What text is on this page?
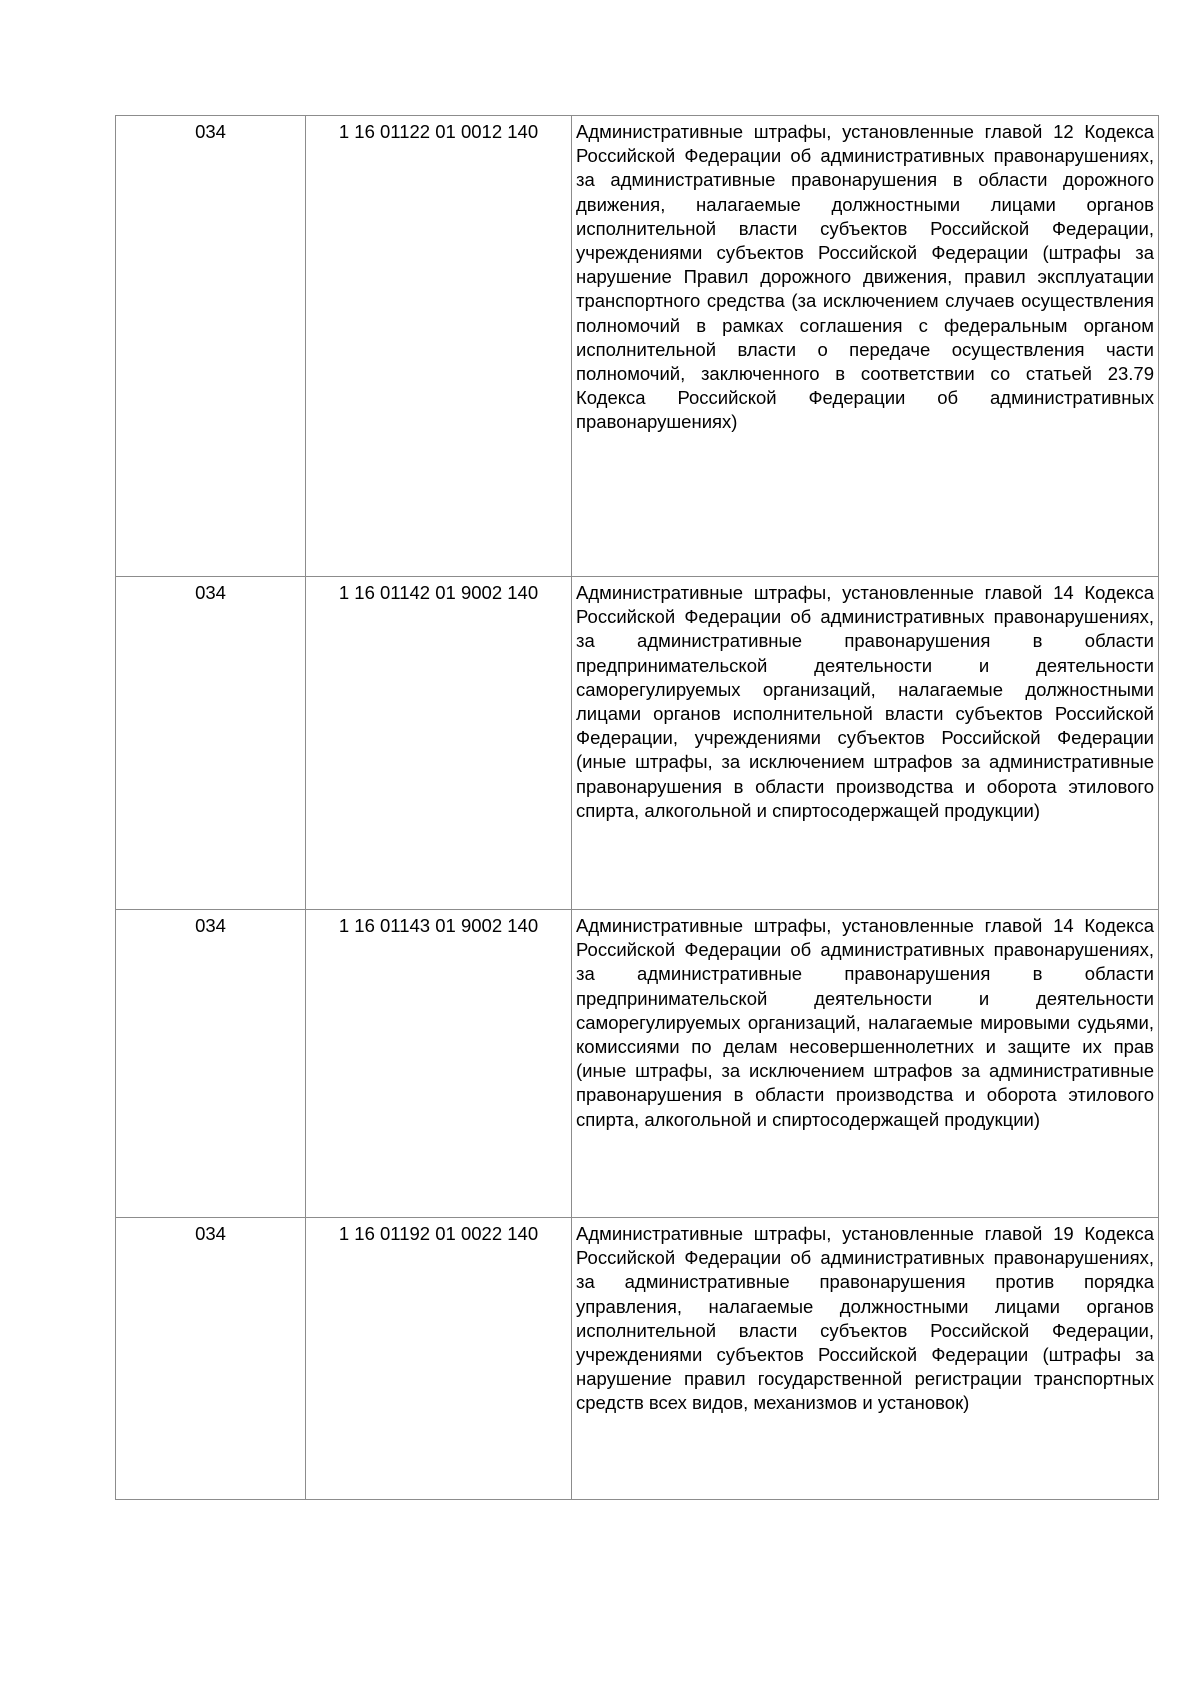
034	1 16 01122 01 0012 140	Административные штрафы, установленные главой 12 Кодекса Российской Федерации об административных правонарушениях, за административные правонарушения в области дорожного движения, налагаемые должностными лицами органов исполнительной власти субъектов Российской Федерации, учреждениями субъектов Российской Федерации (штрафы за нарушение Правил дорожного движения, правил эксплуатации транспортного средства (за исключением случаев осуществления полномочий в рамках соглашения с федеральным органом исполнительной власти о передаче осуществления части полномочий, заключенного в соответствии со статьей 23.79 Кодекса Российской Федерации об административных правонарушениях)
034	1 16 01142 01 9002 140	Административные штрафы, установленные главой 14 Кодекса Российской Федерации об административных правонарушениях, за административные правонарушения в области предпринимательской деятельности и деятельности саморегулируемых организаций, налагаемые должностными лицами органов исполнительной власти субъектов Российской Федерации, учреждениями субъектов Российской Федерации (иные штрафы, за исключением штрафов за административные правонарушения в области производства и оборота этилового спирта, алкогольной и спиртосодержащей продукции)
034	1 16 01143 01 9002 140	Административные штрафы, установленные главой 14 Кодекса Российской Федерации об административных правонарушениях, за административные правонарушения в области предпринимательской деятельности и деятельности саморегулируемых организаций, налагаемые мировыми судьями, комиссиями по делам несовершеннолетних и защите их прав (иные штрафы, за исключением штрафов за административные правонарушения в области производства и оборота этилового спирта, алкогольной и спиртосодержащей продукции)
034	1 16 01192 01 0022 140	Административные штрафы, установленные главой 19 Кодекса Российской Федерации об административных правонарушениях, за административные правонарушения против порядка управления, налагаемые должностными лицами органов исполнительной власти субъектов Российской Федерации, учреждениями субъектов Российской Федерации (штрафы за нарушение правил государственной регистрации транспортных средств всех видов, механизмов и установок)
